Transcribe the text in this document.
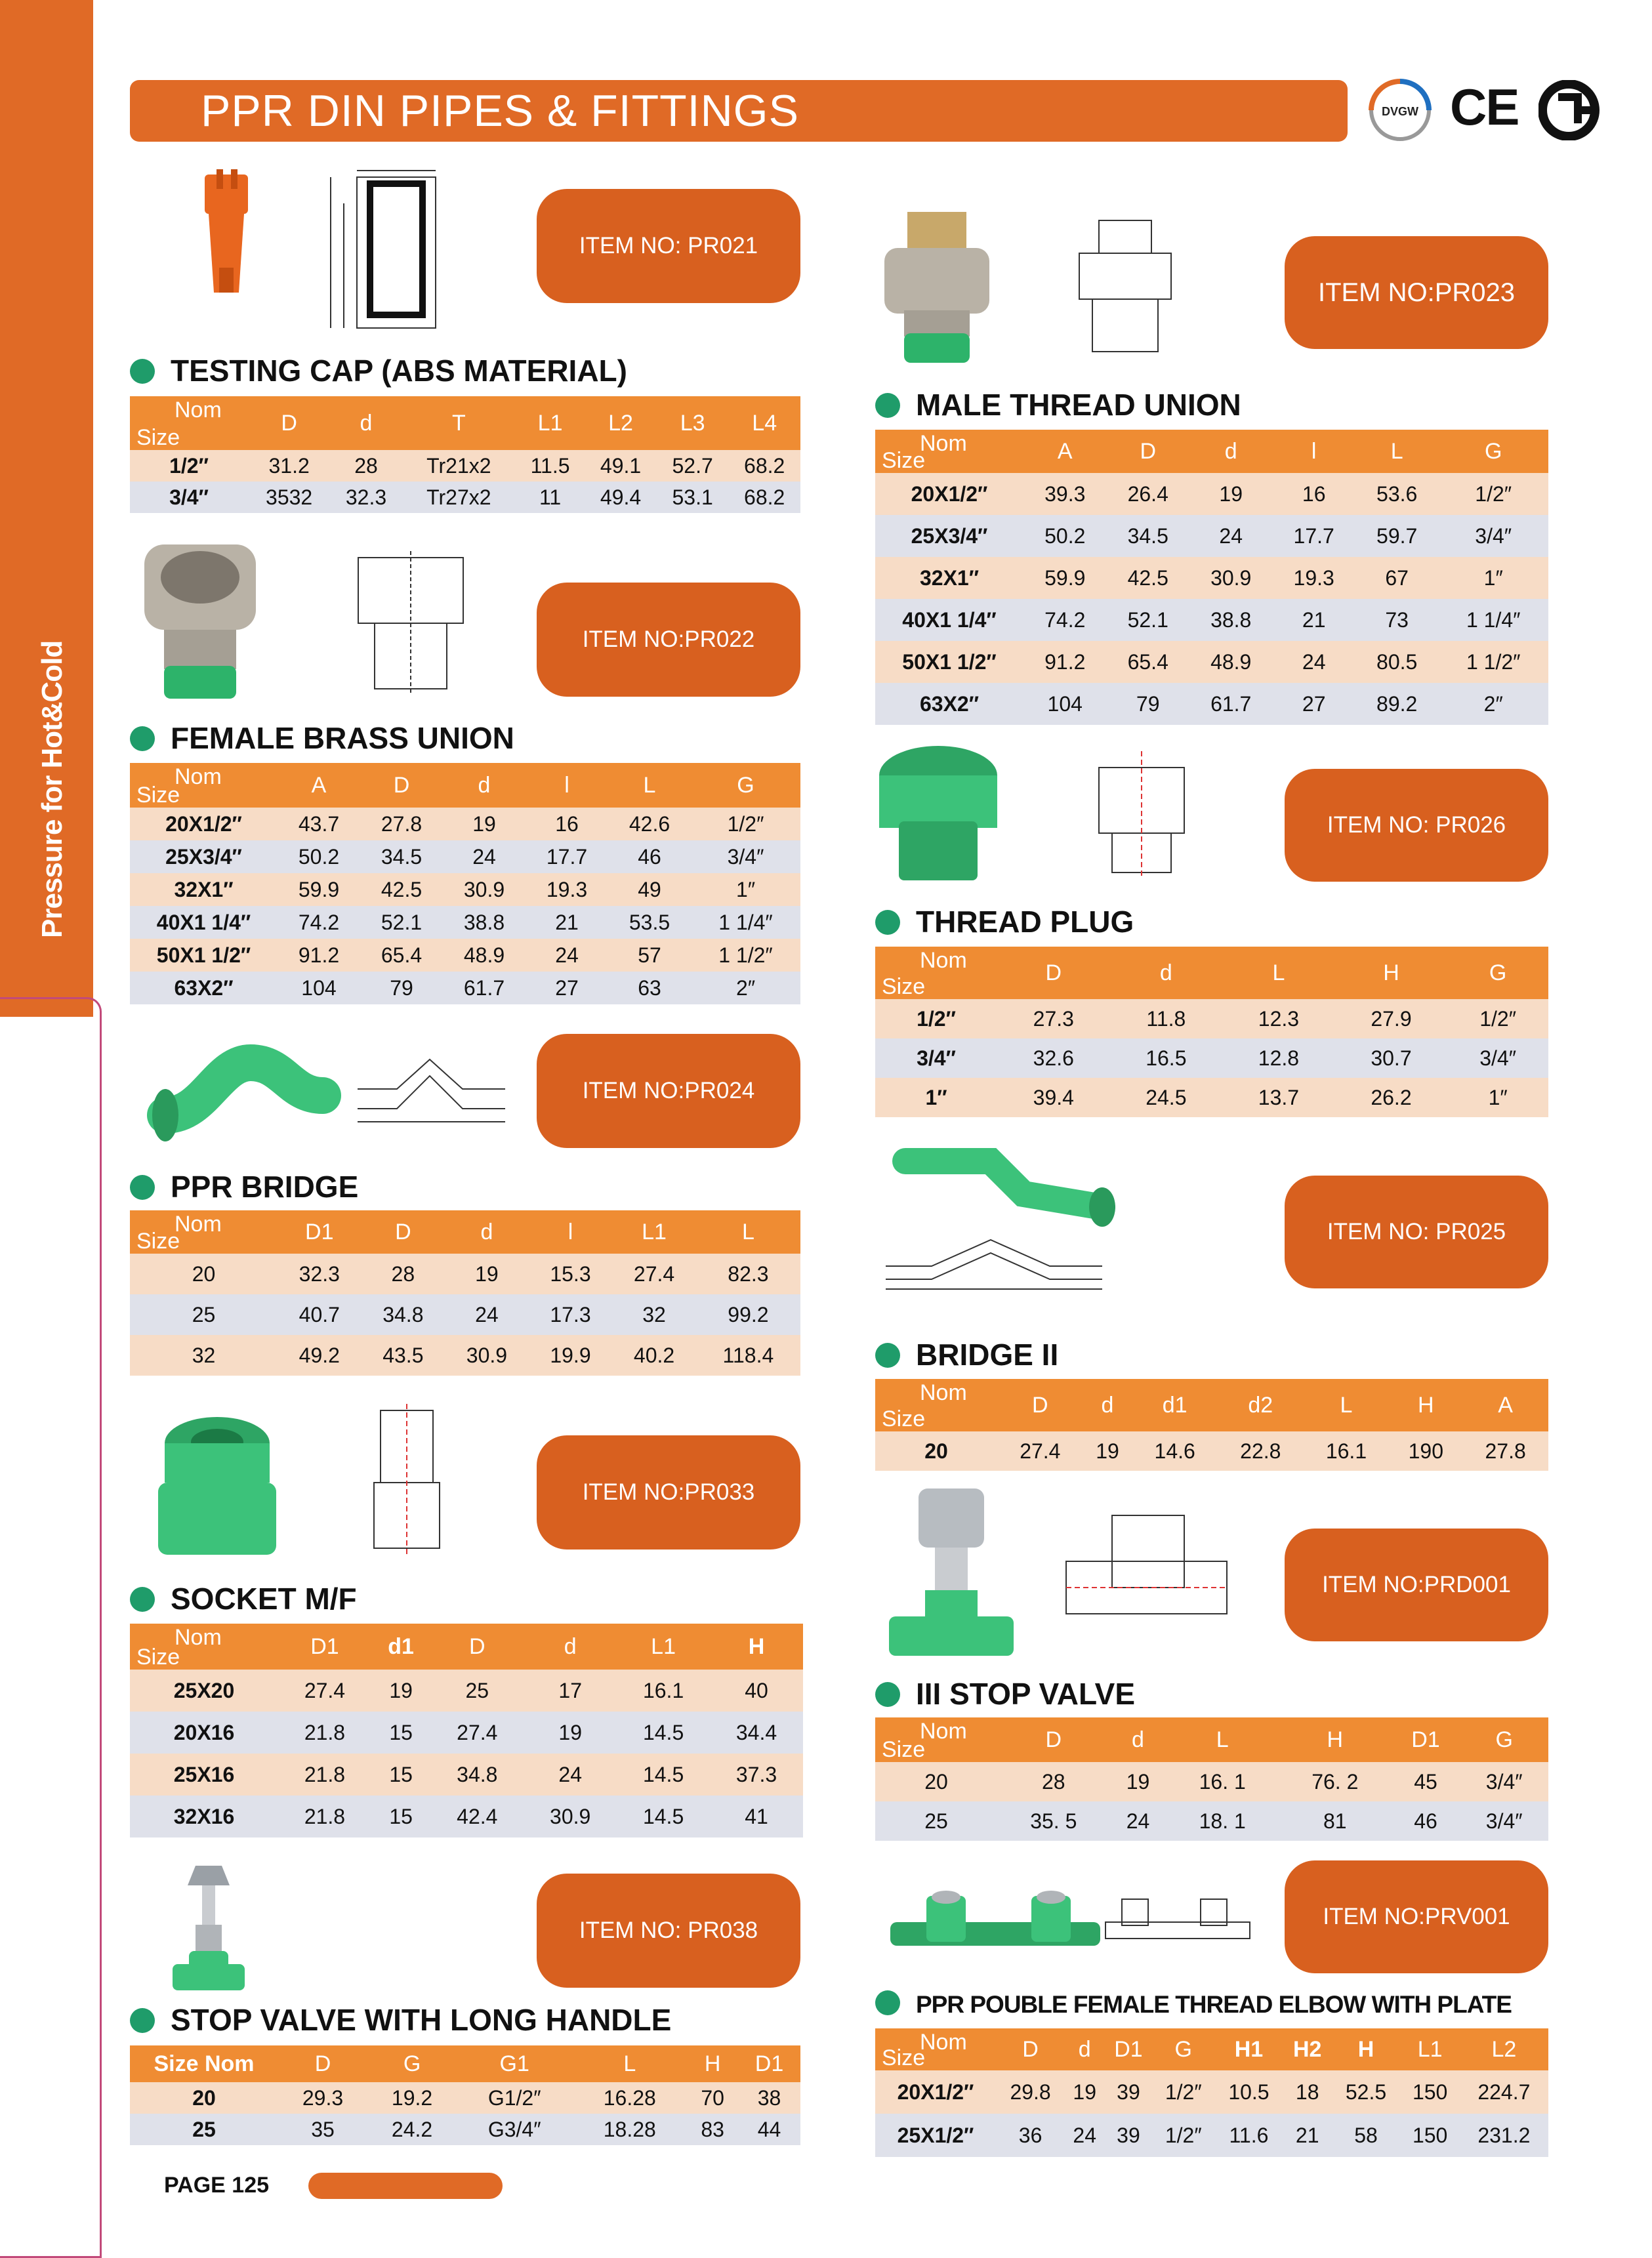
PPR DIN PIPES & FITTINGS	DVGW CE
ITEM NO: PR021
TESTING CAP (ABS MATERIAL)
Nom
Size	D	d	T	L1	L2	L3	L4
1/2″	31.2	28	Tr21x2	11.5	49.1	52.7	68.2
3/4″	3532	32.3	Tr27x2	11	49.4	53.1	68.2
ITEM NO:PR022
FEMALE BRASS UNION
Nom
Size	A	D	d	l	L	G
20X1/2″	43.7	27.8	19	16	42.6	1/2″
25X3/4″	50.2	34.5	24	17.7	46	3/4″
32X1″	59.9	42.5	30.9	19.3	49	1″
40X1 1/4″	74.2	52.1	38.8	21	53.5	1 1/4″
50X1 1/2″	91.2	65.4	48.9	24	57	1 1/2″
63X2″	104	79	61.7	27	63	2″
ITEM NO:PR024
PPR BRIDGE
Nom
Size	D1	D	d	l	L1	L
20	32.3	28	19	15.3	27.4	82.3
25	40.7	34.8	24	17.3	32	99.2
32	49.2	43.5	30.9	19.9	40.2	118.4
ITEM NO:PR033
SOCKET M/F
Nom
Size	D1	d1	D	d	L1	H
25X20	27.4	19	25	17	16.1	40
20X16	21.8	15	27.4	19	14.5	34.4
25X16	21.8	15	34.8	24	14.5	37.3
32X16	21.8	15	42.4	30.9	14.5	41
ITEM NO: PR038
STOP VALVE WITH LONG HANDLE
Size Nom	D	G	G1	L	H	D1
20	29.3	19.2	G1/2″	16.28	70	38
25	35	24.2	G3/4″	18.28	83	44
PAGE 125
ITEM NO:PR023
MALE THREAD UNION
Nom
Size	A	D	d	l	L	G
20X1/2″	39.3	26.4	19	16	53.6	1/2″
25X3/4″	50.2	34.5	24	17.7	59.7	3/4″
32X1″	59.9	42.5	30.9	19.3	67	1″
40X1 1/4″	74.2	52.1	38.8	21	73	1 1/4″
50X1 1/2″	91.2	65.4	48.9	24	80.5	1 1/2″
63X2″	104	79	61.7	27	89.2	2″
ITEM NO: PR026
THREAD PLUG
Nom
Size	D	d	L	H	G
1/2″	27.3	11.8	12.3	27.9	1/2″
3/4″	32.6	16.5	12.8	30.7	3/4″
1″	39.4	24.5	13.7	26.2	1″
ITEM NO: PR025
BRIDGE II
Nom
Size	D	d	d1	d2	L	H	A
20	27.4	19	14.6	22.8	16.1	190	27.8
ITEM NO:PRD001
III STOP VALVE
Nom
Size	D	d	L	H	D1	G
20	28	19	16. 1	76. 2	45	3/4″
25	35. 5	24	18. 1	81	46	3/4″
ITEM NO:PRV001
PPR POUBLE FEMALE THREAD ELBOW WITH PLATE
Nom
Size	D	d	D1	G	H1	H2	H	L1	L2
20X1/2″	29.8	19	39	1/2″	10.5	18	52.5	150	224.7
25X1/2″	36	24	39	1/2″	11.6	21	58	150	231.2
